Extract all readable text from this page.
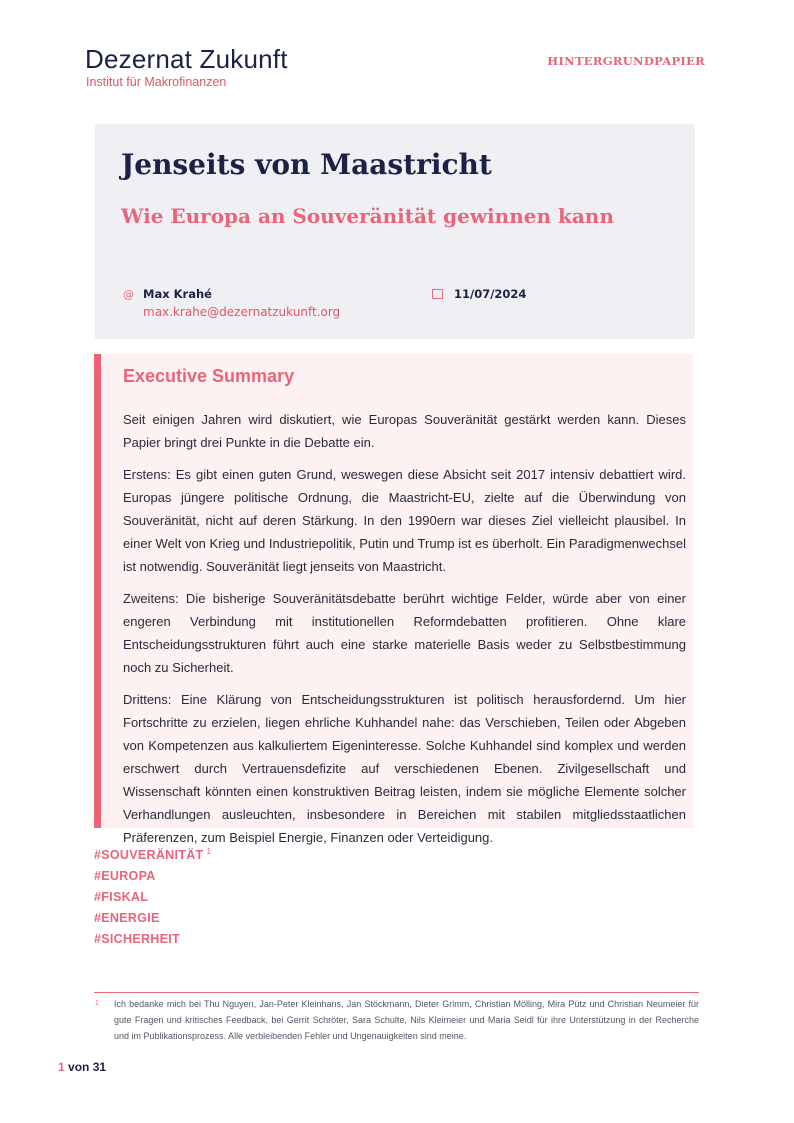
Dezernat Zukunft
Institut für Makrofinanzen
HINTERGRUNDPAPIER
Jenseits von Maastricht
Wie Europa an Souveränität gewinnen kann
@ Max Krahé
max.krahe@dezernatzukunft.org
11/07/2024
Executive Summary

Seit einigen Jahren wird diskutiert, wie Europas Souveränität gestärkt werden kann. Dieses Papier bringt drei Punkte in die Debatte ein.

Erstens: Es gibt einen guten Grund, weswegen diese Absicht seit 2017 intensiv debattiert wird. Europas jüngere politische Ordnung, die Maastricht-EU, zielte auf die Überwindung von Souveränität, nicht auf deren Stärkung. In den 1990ern war dieses Ziel vielleicht plausibel. In einer Welt von Krieg und Industriepolitik, Putin und Trump ist es überholt. Ein Paradigmenwechsel ist notwendig. Souveränität liegt jenseits von Maastricht.

Zweitens: Die bisherige Souveränitätsdebatte berührt wichtige Felder, würde aber von einer engeren Verbindung mit institutionellen Reformdebatten profitieren. Ohne klare Entscheidungsstrukturen führt auch eine starke materielle Basis weder zu Selbstbestimmung noch zu Sicherheit.

Drittens: Eine Klärung von Entscheidungsstrukturen ist politisch herausfordernd. Um hier Fortschritte zu erzielen, liegen ehrliche Kuhhandel nahe: das Verschieben, Teilen oder Abgeben von Kompetenzen aus kalkuliertem Eigeninteresse. Solche Kuhhandel sind komplex und werden erschwert durch Vertrauensdefizite auf verschiedenen Ebenen. Zivilgesellschaft und Wissenschaft könnten einen konstruktiven Beitrag leisten, indem sie mögliche Elemente solcher Verhandlungen ausleuchten, insbesondere in Bereichen mit stabilen mitgliedsstaatlichen Präferenzen, zum Beispiel Energie, Finanzen oder Verteidigung.

#SOUVERÄNITÄT $^1$
#EUROPA
#FISKAL
#ENERGIE
#SICHERHEIT
1 Ich bedanke mich bei Thu Nguyen, Jan-Peter Kleinhans, Jan Stöckmann, Dieter Grimm, Christian Mölling, Mira Pütz und Christian Neumeier für gute Fragen und kritisches Feedback, bei Gerrit Schröter, Sara Schulte, Nils Kleimeier und Maria Seidl für ihre Unterstützung in der Recherche und im Publikationsprozess. Alle verbleibenden Fehler und Ungenauigkeiten sind meine.
1 von 31
